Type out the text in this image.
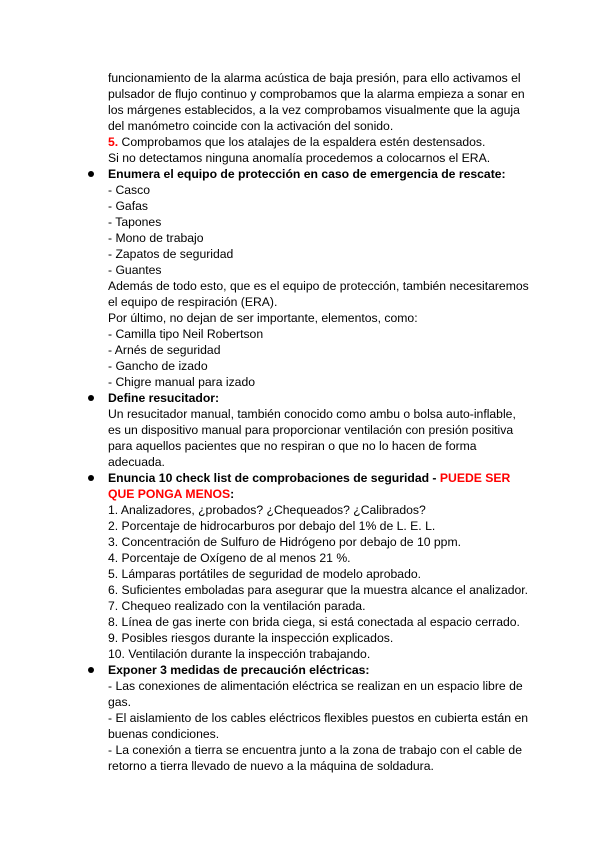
funcionamiento de la alarma acústica de baja presión, para ello activamos el
pulsador de flujo continuo y comprobamos que la alarma empieza a sonar en
los márgenes establecidos, a la vez comprobamos visualmente que la aguja
del manómetro coincide con la activación del sonido.
5. Comprobamos que los atalajes de la espaldera estén destensados.
Si no detectamos ninguna anomalía procedemos a colocarnos el ERA.
Enumera el equipo de protección en caso de emergencia de rescate:
- Casco
- Gafas
- Tapones
- Mono de trabajo
- Zapatos de seguridad
- Guantes
Además de todo esto, que es el equipo de protección, también necesitaremos
el equipo de respiración (ERA).
Por último, no dejan de ser importante, elementos, como:
- Camilla tipo Neil Robertson
- Arnés de seguridad
- Gancho de izado
- Chigre manual para izado
Define resucitador:
Un resucitador manual, también conocido como ambu o bolsa auto-inflable,
es un dispositivo manual para proporcionar ventilación con presión positiva
para aquellos pacientes que no respiran o que no lo hacen de forma
adecuada.
Enuncia 10 check list de comprobaciones de seguridad - PUEDE SER
QUE PONGA MENOS:
1. Analizadores, ¿probados? ¿Chequeados? ¿Calibrados?
2. Porcentaje de hidrocarburos por debajo del 1% de L. E. L.
3. Concentración de Sulfuro de Hidrógeno por debajo de 10 ppm.
4. Porcentaje de Oxígeno de al menos 21 %.
5. Lámparas portátiles de seguridad de modelo aprobado.
6. Suficientes emboladas para asegurar que la muestra alcance el analizador.
7. Chequeo realizado con la ventilación parada.
8. Línea de gas inerte con brida ciega, si está conectada al espacio cerrado.
9. Posibles riesgos durante la inspección explicados.
10. Ventilación durante la inspección trabajando.
Exponer 3 medidas de precaución eléctricas:
- Las conexiones de alimentación eléctrica se realizan en un espacio libre de
gas.
- El aislamiento de los cables eléctricos flexibles puestos en cubierta están en
buenas condiciones.
- La conexión a tierra se encuentra junto a la zona de trabajo con el cable de
retorno a tierra llevado de nuevo a la máquina de soldadura.
